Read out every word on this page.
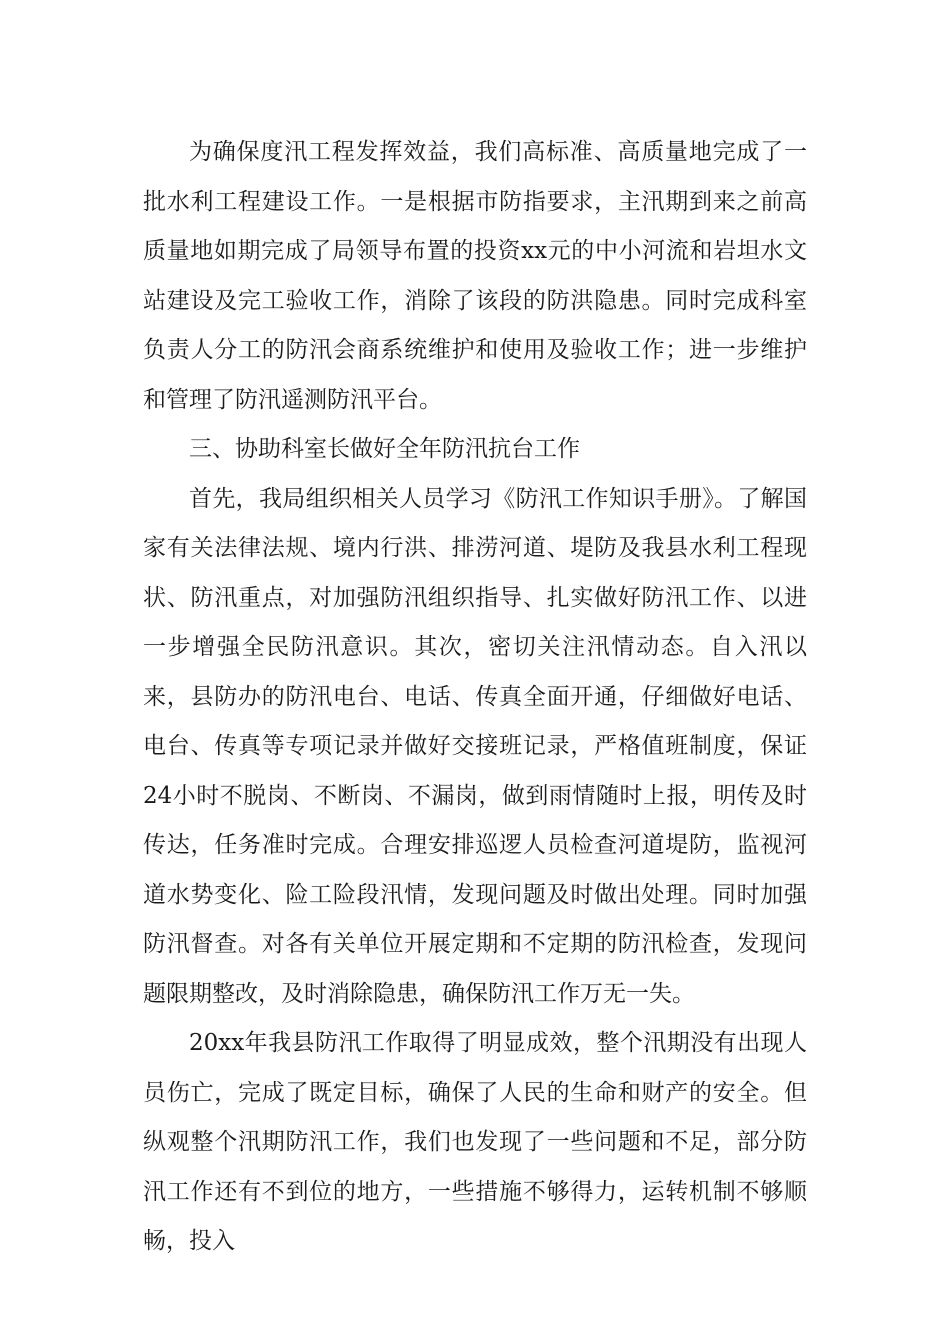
为确保度汛工程发挥效益，我们高标准、高质量地完成了一批水利工程建设工作。一是根据市防指要求，主汛期到来之前高质量地如期完成了局领导布置的投资xx元的中小河流和岩坦水文站建设及完工验收工作，消除了该段的防洪隐患。同时完成科室负责人分工的防汛会商系统维护和使用及验收工作；进一步维护和管理了防汛遥测防汛平台。

三、协助科室长做好全年防汛抗台工作

首先，我局组织相关人员学习《防汛工作知识手册》。了解国家有关法律法规、境内行洪、排涝河道、堤防及我县水利工程现状、防汛重点，对加强防汛组织指导、扎实做好防汛工作、以进一步增强全民防汛意识。其次，密切关注汛情动态。自入汛以来，县防办的防汛电台、电话、传真全面开通，仔细做好电话、电台、传真等专项记录并做好交接班记录，严格值班制度，保证24小时不脱岗、不断岗、不漏岗，做到雨情随时上报，明传及时传达，任务准时完成。合理安排巡逻人员检查河道堤防，监视河道水势变化、险工险段汛情，发现问题及时做出处理。同时加强防汛督查。对各有关单位开展定期和不定期的防汛检查，发现问题限期整改，及时消除隐患，确保防汛工作万无一失。

20xx年我县防汛工作取得了明显成效，整个汛期没有出现人员伤亡，完成了既定目标，确保了人民的生命和财产的安全。但纵观整个汛期防汛工作，我们也发现了一些问题和不足，部分防汛工作还有不到位的地方，一些措施不够得力，运转机制不够顺畅，投入
